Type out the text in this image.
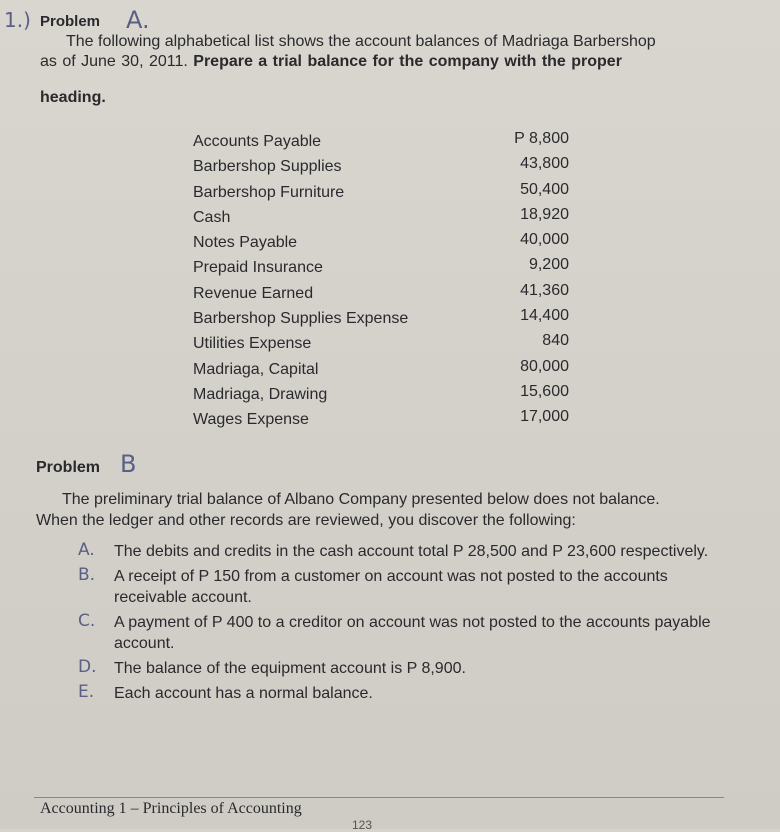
1.) Problem A.
The following alphabetical list shows the account balances of Madriaga Barbershop
as of June 30, 2011. Prepare a trial balance for the company with the proper
heading.
Accounts Payable	P 8,800
Barbershop Supplies	43,800
Barbershop Furniture	50,400
Cash	18,920
Notes Payable	40,000
Prepaid Insurance	9,200
Revenue Earned	41,360
Barbershop Supplies Expense	14,400
Utilities Expense	840
Madriaga, Capital	80,000
Madriaga, Drawing	15,600
Wages Expense	17,000
Problem B
The preliminary trial balance of Albano Company presented below does not balance.
When the ledger and other records are reviewed, you discover the following:
A. The debits and credits in the cash account total P 28,500 and P 23,600 respectively.
B. A receipt of P 150 from a customer on account was not posted to the accounts receivable account.
C. A payment of P 400 to a creditor on account was not posted to the accounts payable account.
D. The balance of the equipment account is P 8,900.
E. Each account has a normal balance.
Accounting 1 – Principles of Accounting
123
